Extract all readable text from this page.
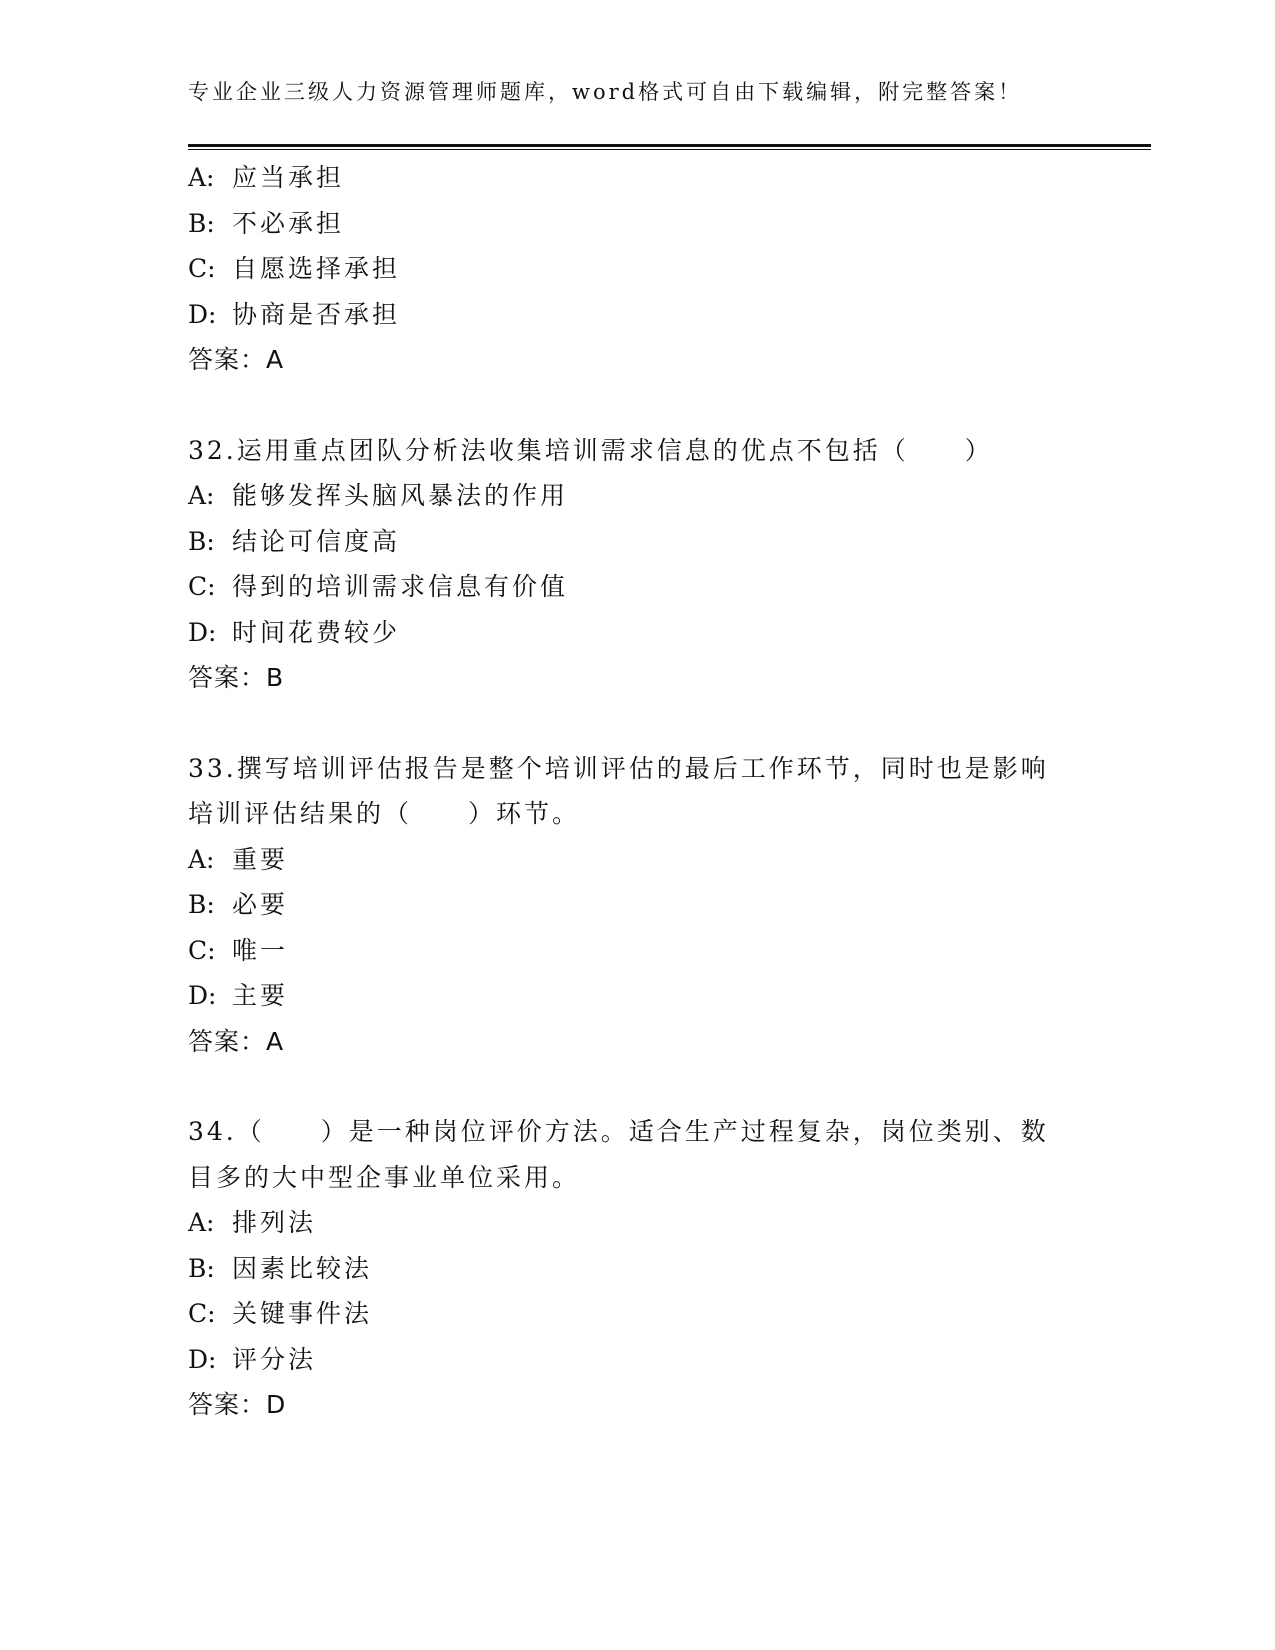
专业企业三级人力资源管理师题库，word格式可自由下载编辑，附完整答案！
A: 应当承担
B: 不必承担
C: 自愿选择承担
D: 协商是否承担
答案：A
32.运用重点团队分析法收集培训需求信息的优点不包括（　　）
A: 能够发挥头脑风暴法的作用
B: 结论可信度高
C: 得到的培训需求信息有价值
D: 时间花费较少
答案：B
33.撰写培训评估报告是整个培训评估的最后工作环节，同时也是影响
培训评估结果的（　　）环节。
A: 重要
B: 必要
C: 唯一
D: 主要
答案：A
34.（　　）是一种岗位评价方法。适合生产过程复杂，岗位类别、数
目多的大中型企事业单位采用。
A: 排列法
B: 因素比较法
C: 关键事件法
D: 评分法
答案：D
